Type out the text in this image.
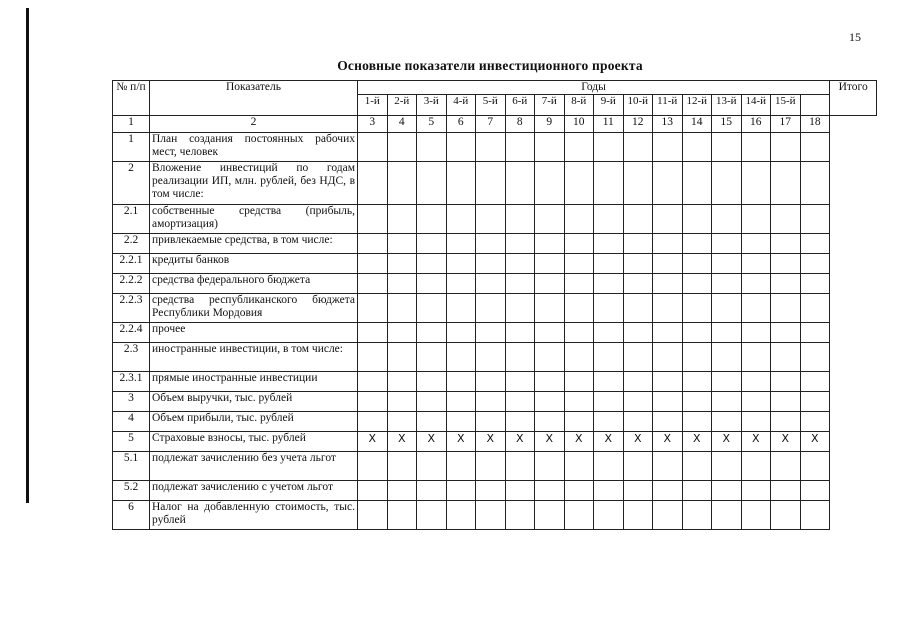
15
Основные показатели инвестиционного проекта
№ п/п	Показатель	Годы																Итого
		1-й	2-й	3-й	4-й	5-й	6-й	7-й	8-й	9-й	10-й	11-й	12-й	13-й	14-й	15-й		
1	2	3	4	5	6	7	8	9	10	11	12	13	14	15	16	17	18	
1	План создания постоянных рабочих мест, человек																	
2	Вложение инвестиций по годам реализации ИП, млн. рублей, без НДС, в том числе:																	
2.1	собственные средства (прибыль, амортизация)																	
2.2	привлекаемые средства, в том числе:																	
2.2.1	кредиты банков																	
2.2.2	средства федерального бюджета																	
2.2.3	средства республиканского бюджета Республики Мордовия																	
2.2.4	прочее																	
2.3	иностранные инвестиции, в том числе:																	
2.3.1	прямые иностранные инвестиции																	
3	Объем выручки, тыс. рублей																	
4	Объем прибыли, тыс. рублей																	
5	Страховые взносы, тыс. рублей	X	X	X	X	X	X	X	X	X	X	X	X	X	X	X	X	
5.1	подлежат зачислению без учета льгот																	
5.2	подлежат зачислению с учетом льгот																	
6	Налог на добавленную стоимость, тыс. рублей																	
